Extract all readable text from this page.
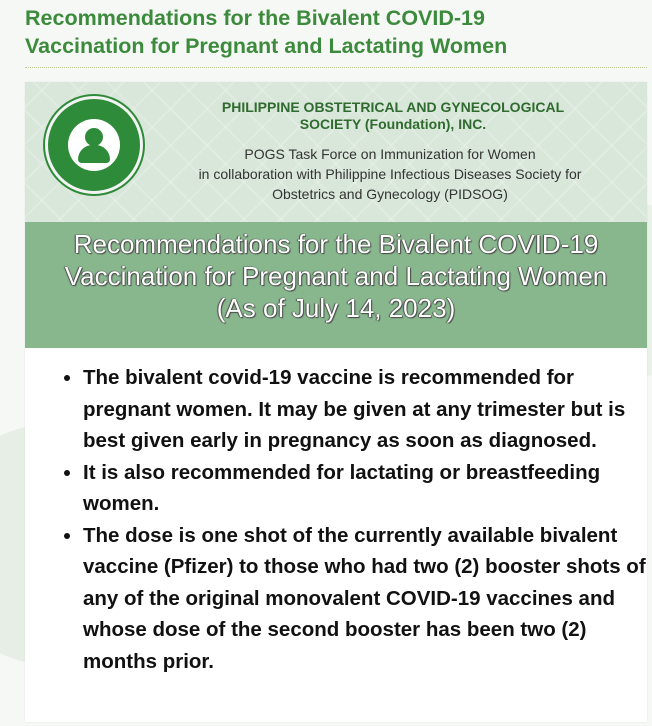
Recommendations for the Bivalent COVID-19
Vaccination for Pregnant and Lactating Women
PHILIPPINE OBSTETRICAL AND GYNECOLOGICAL
SOCIETY (Foundation), INC.
POGS Task Force on Immunization for Women
in collaboration with Philippine Infectious Diseases Society for
Obstetrics and Gynecology (PIDSOG)
Recommendations for the Bivalent COVID-19
Vaccination for Pregnant and Lactating Women
(As of July 14, 2023)
• The bivalent covid-19 vaccine is recommended for pregnant women. It may be given at any trimester but is best given early in pregnancy as soon as diagnosed.
• It is also recommended for lactating or breastfeeding women.
• The dose is one shot of the currently available bivalent vaccine (Pfizer) to those who had two (2) booster shots of any of the original monovalent COVID-19 vaccines and whose dose of the second booster has been two (2) months prior.
